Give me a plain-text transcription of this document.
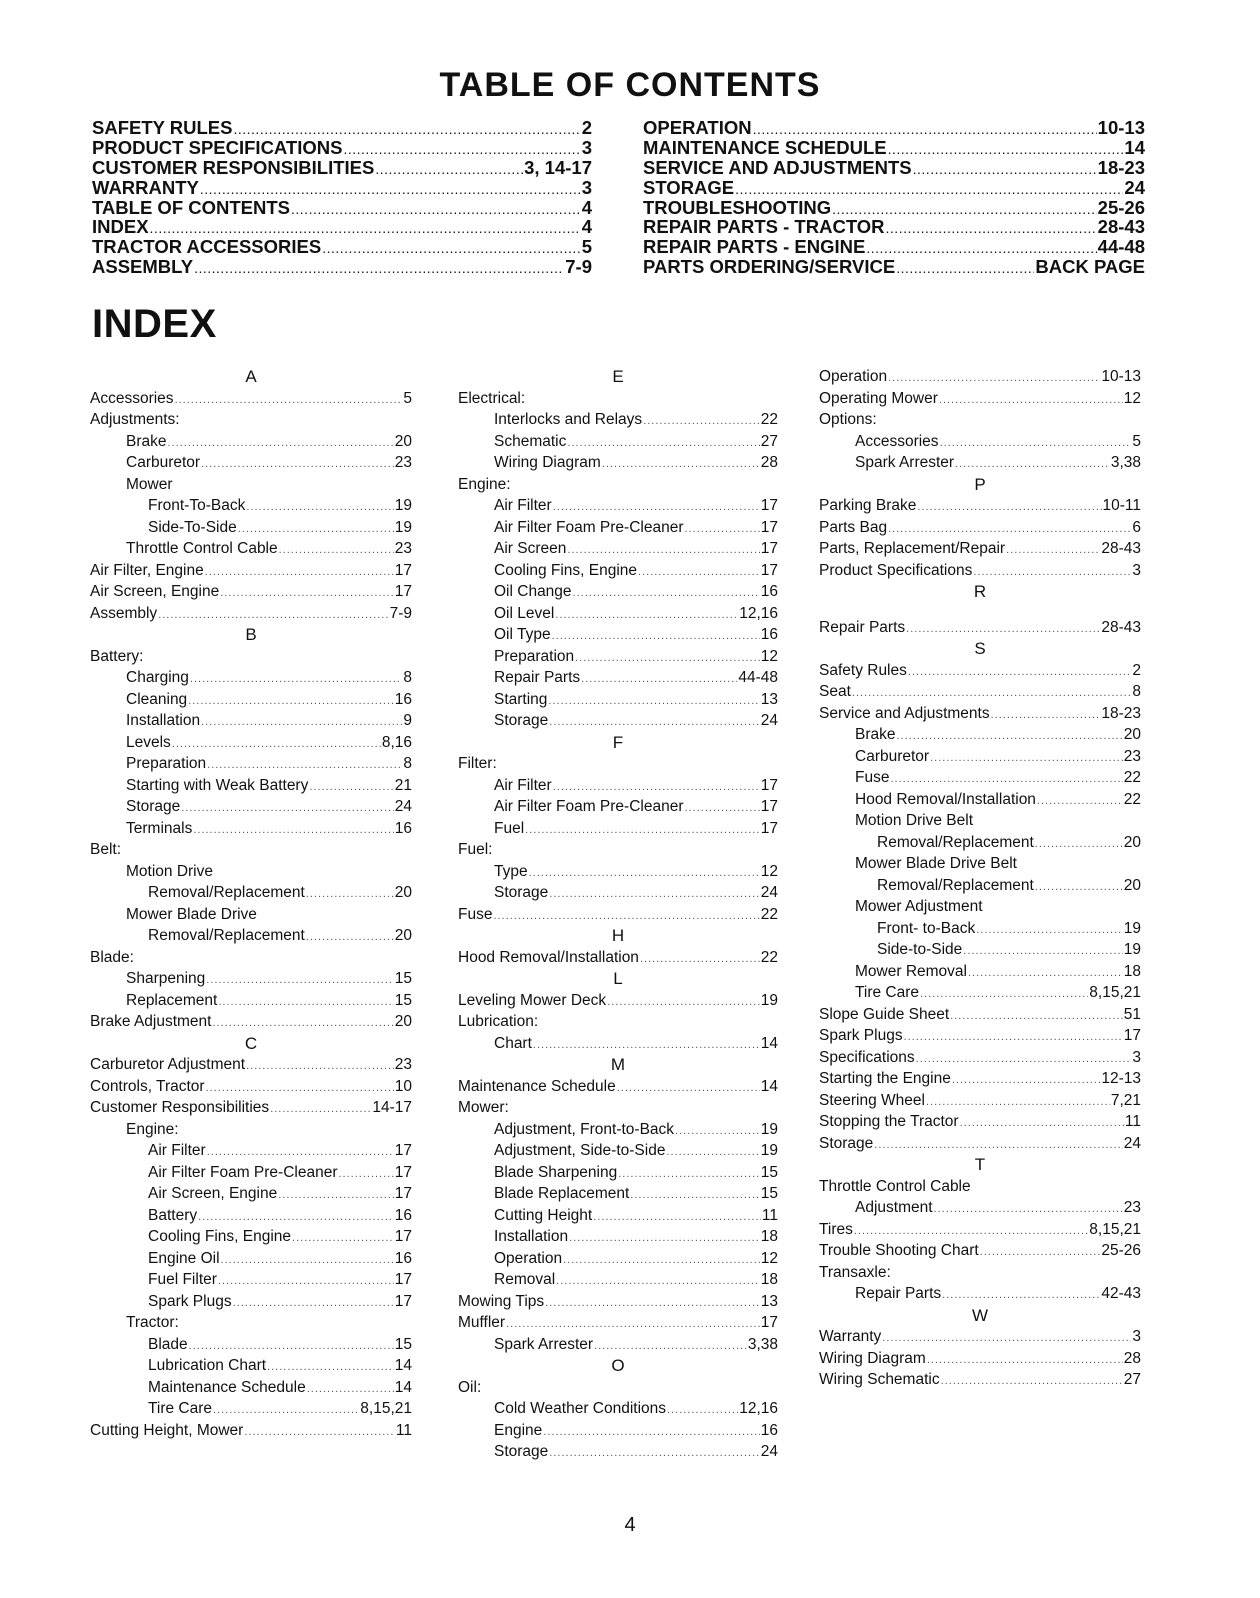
TABLE OF CONTENTS
SAFETY RULES .....	2
PRODUCT SPECIFICATIONS .....	3
CUSTOMER RESPONSIBILITIES .....	3, 14-17
WARRANTY .....	3
TABLE OF CONTENTS .....	4
INDEX .....	4
TRACTOR ACCESSORIES .....	5
ASSEMBLY .....	7-9
OPERATION .....	10-13
MAINTENANCE SCHEDULE .....	14
SERVICE AND ADJUSTMENTS .....	18-23
STORAGE .....	24
TROUBLESHOOTING .....	25-26
REPAIR PARTS - TRACTOR .....	28-43
REPAIR PARTS - ENGINE .....	44-48
PARTS ORDERING/SERVICE .....	BACK PAGE
INDEX
A
Accessories .....	5
Adjustments:
Brake .....	20
Carburetor .....	23
Mower
Front-To-Back .....	19
Side-To-Side .....	19
Throttle Control Cable .....	23
Air Filter, Engine .....	17
Air Screen, Engine .....	17
Assembly .....	7-9
B
Battery:
Charging .....	8
Cleaning .....	16
Installation .....	9
Levels .....	8,16
Preparation .....	8
Starting with Weak Battery .....	21
Storage .....	24
Terminals .....	16
Belt:
Motion Drive
Removal/Replacement .....	20
Mower Blade Drive
Removal/Replacement .....	20
Blade:
Sharpening .....	15
Replacement .....	15
Brake Adjustment .....	20
C
Carburetor Adjustment .....	23
Controls, Tractor .....	10
Customer Responsibilities .....	14-17
Engine:
Air Filter .....	17
Air Filter Foam Pre-Cleaner .....	17
Air Screen, Engine .....	17
Battery .....	16
Cooling Fins, Engine .....	17
Engine Oil .....	16
Fuel Filter .....	17
Spark Plugs .....	17
Tractor:
Blade .....	15
Lubrication Chart .....	14
Maintenance Schedule .....	14
Tire Care .....	8,15,21
Cutting Height, Mower .....	11
E
Electrical:
Interlocks and Relays .....	22
Schematic .....	27
Wiring Diagram .....	28
Engine:
Air Filter .....	17
Air Filter Foam Pre-Cleaner .....	17
Air Screen .....	17
Cooling Fins, Engine .....	17
Oil Change .....	16
Oil Level .....	12,16
Oil Type .....	16
Preparation .....	12
Repair Parts .....	44-48
Starting .....	13
Storage .....	24
F
Filter:
Air Filter .....	17
Air Filter Foam Pre-Cleaner .....	17
Fuel .....	17
Fuel:
Type .....	12
Storage .....	24
Fuse .....	22
H
Hood Removal/Installation .....	22
L
Leveling Mower Deck .....	19
Lubrication:
Chart .....	14
M
Maintenance Schedule .....	14
Mower:
Adjustment, Front-to-Back .....	19
Adjustment, Side-to-Side .....	19
Blade Sharpening .....	15
Blade Replacement .....	15
Cutting Height .....	11
Installation .....	18
Operation .....	12
Removal .....	18
Mowing Tips .....	13
Muffler .....	17
Spark Arrester .....	3,38
O
Oil:
Cold Weather Conditions .....	12,16
Engine .....	16
Storage .....	24
Operation .....	10-13
Operating Mower .....	12
Options:
Accessories .....	5
Spark Arrester .....	3,38
P
Parking Brake .....	10-11
Parts Bag .....	6
Parts, Replacement/Repair .....	28-43
Product Specifications .....	3
R
Repair Parts .....	28-43
S
Safety Rules .....	2
Seat .....	8
Service and Adjustments .....	18-23
Brake .....	20
Carburetor .....	23
Fuse .....	22
Hood Removal/Installation .....	22
Motion Drive Belt
Removal/Replacement .....	20
Mower Blade Drive Belt
Removal/Replacement .....	20
Mower Adjustment
Front- to-Back .....	19
Side-to-Side .....	19
Mower Removal .....	18
Tire Care .....	8,15,21
Slope Guide Sheet .....	51
Spark Plugs .....	17
Specifications .....	3
Starting the Engine .....	12-13
Steering Wheel .....	7,21
Stopping the Tractor .....	11
Storage .....	24
T
Throttle Control Cable
Adjustment .....	23
Tires .....	8,15,21
Trouble Shooting Chart .....	25-26
Transaxle:
Repair Parts .....	42-43
W
Warranty .....	3
Wiring Diagram .....	28
Wiring Schematic .....	27
4
